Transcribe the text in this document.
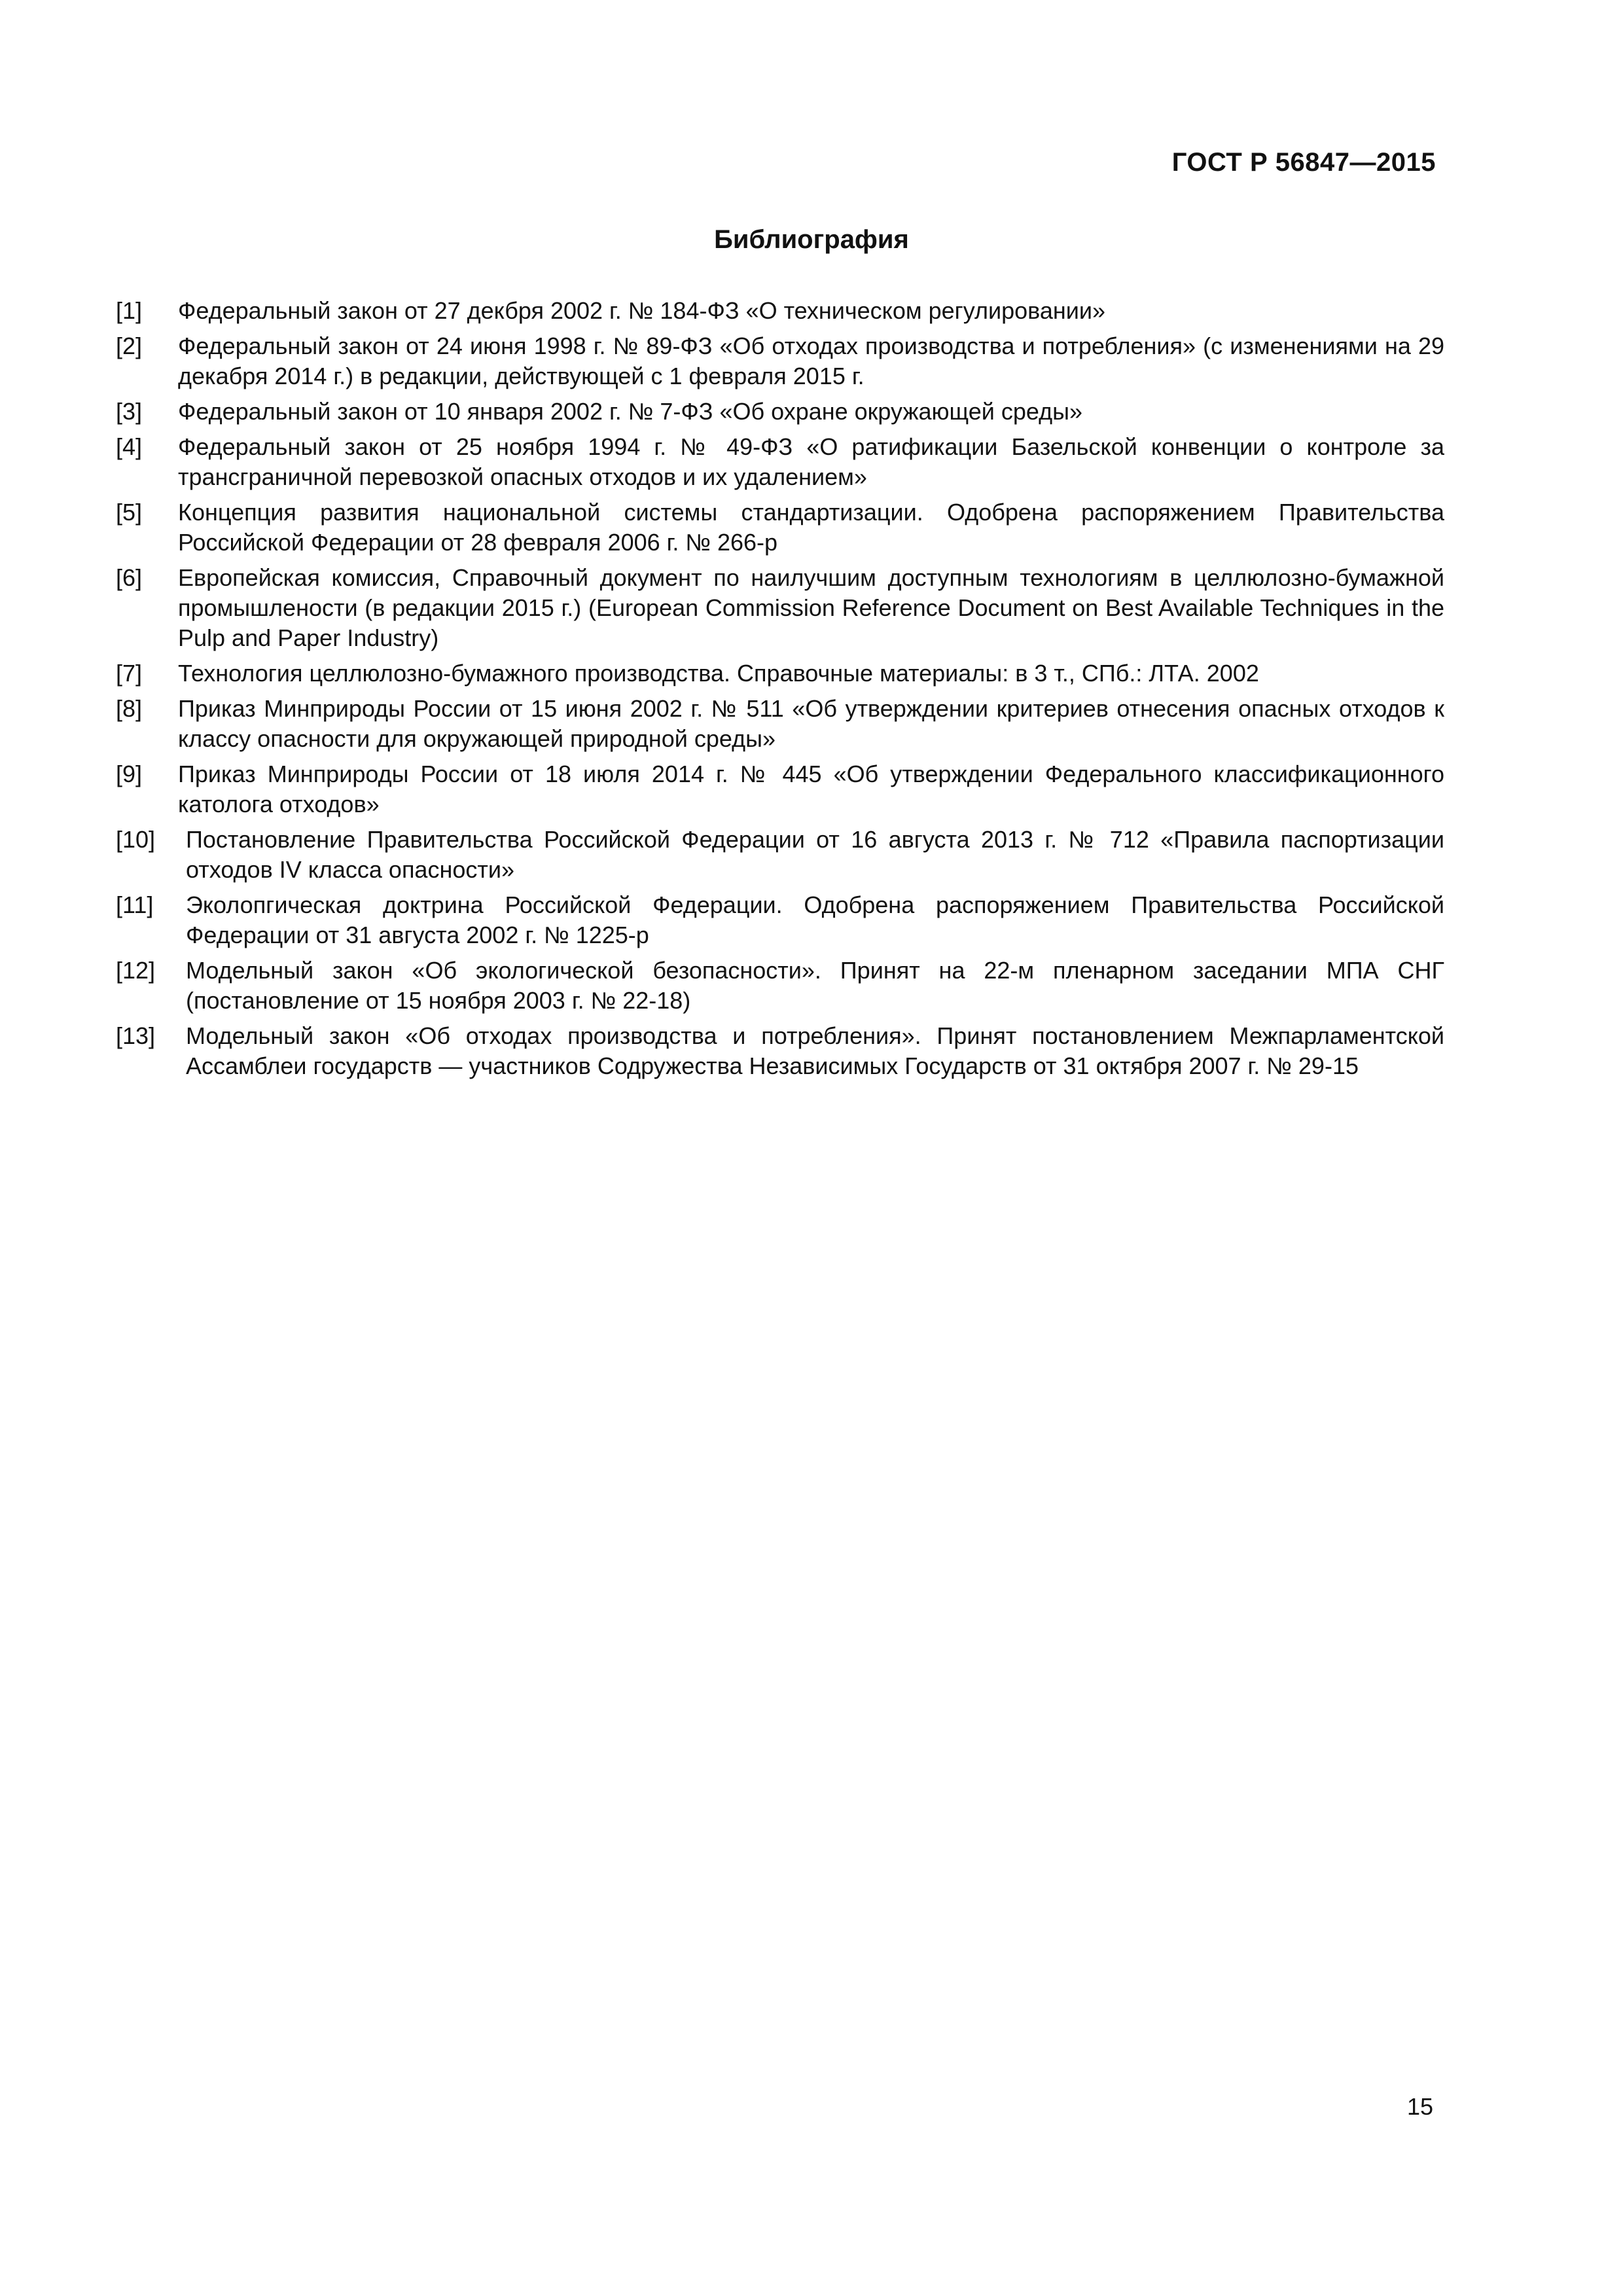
ГОСТ Р 56847—2015

Библиография
[1]	Федеральный закон от 27 декбря 2002 г. № 184-ФЗ «О техническом регулировании»
[2]	Федеральный закон от 24 июня 1998 г. № 89-ФЗ «Об отходах производства и потребления» (с изменениями на 29 декабря 2014 г.) в редакции, действующей с 1 февраля 2015 г.
[3]	Федеральный закон от 10 января 2002 г. № 7-ФЗ «Об охране окружающей среды»
[4]	Федеральный закон от 25 ноября 1994 г. № 49-ФЗ «О ратификации Базельской конвенции о контроле за трансграничной перевозкой опасных отходов и их удалением»
[5]	Концепция развития национальной системы стандартизации. Одобрена распоряжением Правительства Российской Федерации от 28 февраля 2006 г. № 266-р
[6]	Европейская комиссия, Справочный документ по наилучшим доступным технологиям в целлюлозно-бумажной промышлености (в редакции 2015 г.) (European Commission Reference Document on Best Available Techniques in the Pulp and Paper Industry)
[7]	Технология целлюлозно-бумажного производства. Справочные материалы: в 3 т., СПб.: ЛТА. 2002
[8]	Приказ Минприроды России от 15 июня 2002 г. № 511 «Об утверждении критериев отнесения опасных отходов к классу опасности для окружающей природной среды»
[9]	Приказ Минприроды России от 18 июля 2014 г. № 445 «Об утверждении Федерального классификационного католога отходов»
[10]	Постановление Правительства Российской Федерации от 16 августа 2013 г. № 712 «Правила паспортизации отходов IV класса опасности»
[11]	Эколопгическая доктрина Российской Федерации. Одобрена распоряжением Правительства Российской Федерации от 31 августа 2002 г. № 1225-р
[12]	Модельный закон «Об экологической безопасности». Принят на 22-м пленарном заседании МПА СНГ (постановление от 15 ноября 2003 г. № 22-18)
[13]	Модельный закон «Об отходах производства и потребления». Принят постановлением Межпарламентской Ассамблеи государств — участников Содружества Независимых Государств от 31 октября 2007 г. № 29-15

15
